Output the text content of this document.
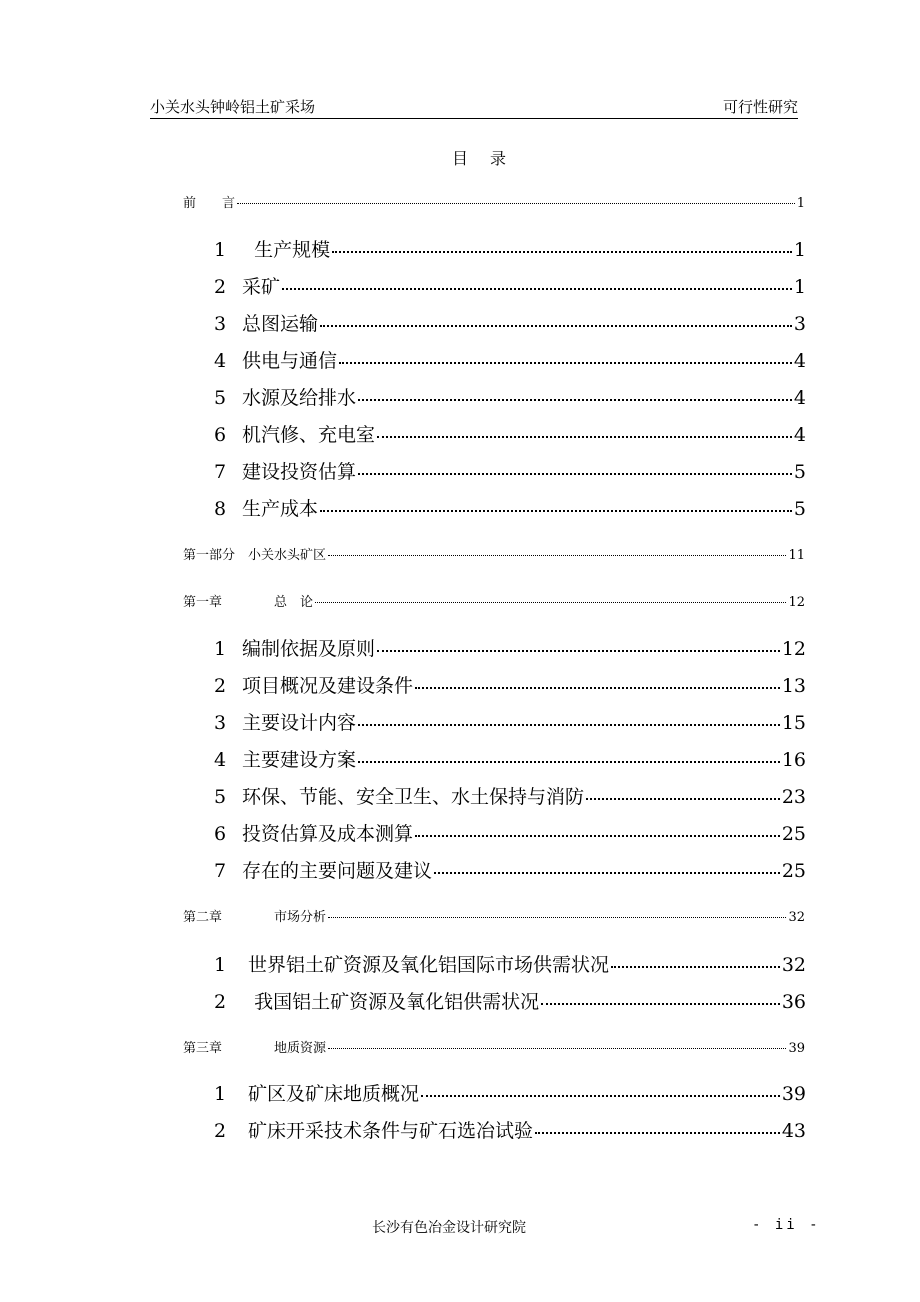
小关水头钟岭铝土矿采场	可行性研究
目录
前　　言	1
1 生产规模	1
2 采矿	1
3 总图运输	3
4 供电与通信	4
5 水源及给排水	4
6 机汽修、充电室	4
7 建设投资估算	5
8 生产成本	5
第一部分　小关水头矿区	11
第一章　　　　总　论	12
1 编制依据及原则	12
2 项目概况及建设条件	13
3 主要设计内容	15
4 主要建设方案	16
5 环保、节能、安全卫生、水土保持与消防	23
6 投资估算及成本测算	25
7 存在的主要问题及建议	25
第二章　　　　市场分析	32
1 世界铝土矿资源及氧化铝国际市场供需状况	32
2 我国铝土矿资源及氧化铝供需状况	36
第三章　　　　地质资源	39
1 矿区及矿床地质概况	39
2 矿床开采技术条件与矿石选冶试验	43
长沙有色冶金设计研究院	- ii -
